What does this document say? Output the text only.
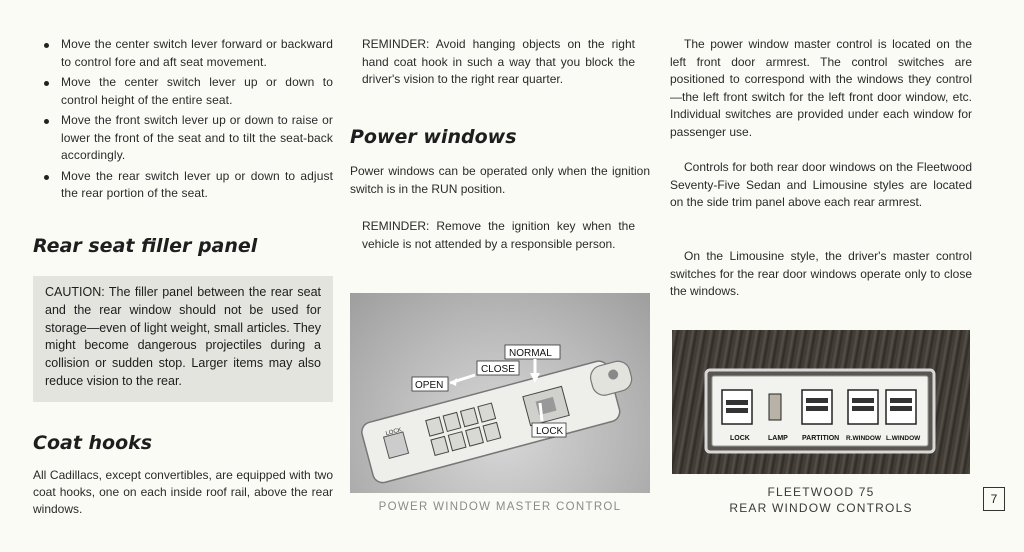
Move the center switch lever forward or backward to control fore and aft seat movement.
Move the center switch lever up or down to control height of the entire seat.
Move the front switch lever up or down to raise or lower the front of the seat and to tilt the seat-back accordingly.
Move the rear switch lever up or down to adjust the rear portion of the seat.
Rear seat filler panel

CAUTION: The filler panel between the rear seat and the rear window should not be used for storage—even of light weight, small articles. They might become dangerous projectiles during a collision or sudden stop. Larger items may also reduce vision to the rear.

Coat hooks

All Cadillacs, except convertibles, are equipped with two coat hooks, one on each inside roof rail, above the rear windows.

REMINDER: Avoid hanging objects on the right hand coat hook in such a way that you block the driver's vision to the right rear quarter.

Power windows

Power windows can be operated only when the ignition switch is in the RUN position.

REMINDER: Remove the ignition key when the vehicle is not attended by a responsible person.

LOCK
NORMAL
CLOSE
OPEN
LOCK
POWER WINDOW MASTER CONTROL

The power window master control is located on the left front door armrest. The control switches are positioned to correspond with the windows they control—the left front switch for the left front door window, etc. Individual switches are provided under each window for passenger use.

Controls for both rear door windows on the Fleetwood Seventy-Five Sedan and Limousine styles are located on the side trim panel above each rear armrest.

On the Limousine style, the driver's master control switches for the rear door windows operate only to close the windows.

LOCK	LAMP PARTITION R.WINDOW L.WINDOW
FLEETWOOD 75
REAR WINDOW CONTROLS
7
